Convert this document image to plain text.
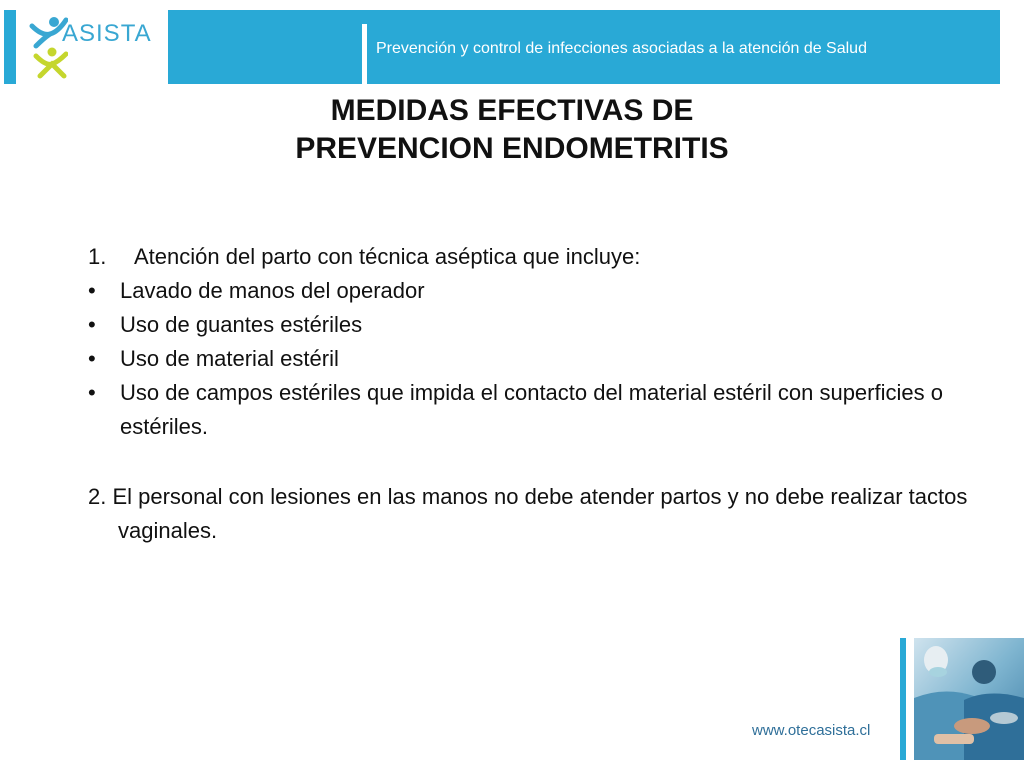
ASISTA
Prevención y control de infecciones asociadas a la atención de Salud
MEDIDAS EFECTIVAS DE
PREVENCION ENDOMETRITIS
1. Atención del parto con técnica aséptica que incluye:
• Lavado de manos del operador
• Uso de guantes estériles
• Uso de material estéril
• Uso de campos estériles que impida el contacto del material estéril con superficies o estériles.
2. El personal con lesiones en las manos no debe atender partos y no debe realizar tactos vaginales.
www.otecasista.cl
